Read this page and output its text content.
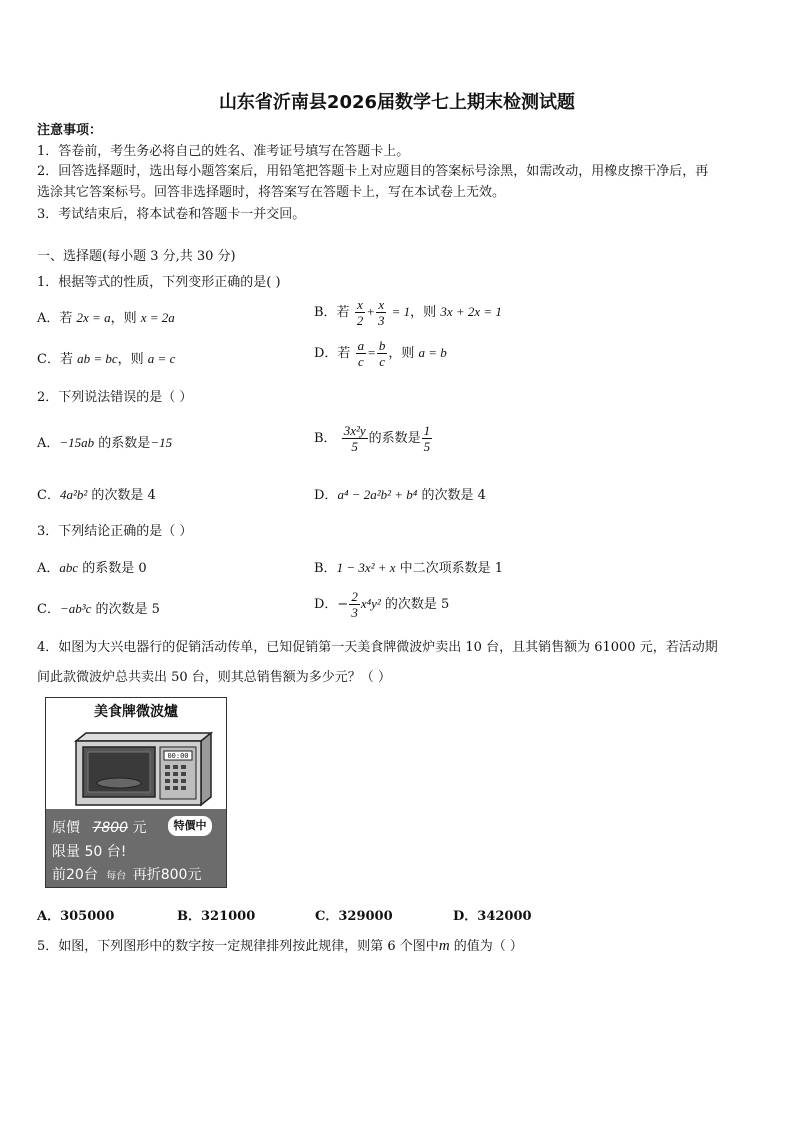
山东省沂南县2026届数学七上期末检测试题
注意事项：
1．答卷前，考生务必将自己的姓名、准考证号填写在答题卡上。
2．回答选择题时，选出每小题答案后，用铅笔把答题卡上对应题目的答案标号涂黑，如需改动，用橡皮擦干净后，再
选涂其它答案标号。回答非选择题时，将答案写在答题卡上，写在本试卷上无效。
3．考试结束后，将本试卷和答题卡一并交回。
一、选择题(每小题 3 分,共 30 分)
1．根据等式的性质，下列变形正确的是( )
A．若 2x = a，则 x = 2a	B．若 $\frac{x}{2} + \frac{x}{3} = 1$，则 3x + 2x = 1
C．若 ab = bc，则 a = c	D．若 $\frac{a}{c} = \frac{b}{c}$ ，则 a = b
2．下列说法错误的是（ ）
A．−15ab 的系数是−15	B． $\frac{\text{3x²y}}{5}$ 的系数是 $\frac{1}{5}$
C．4a²b² 的次数是 4	D．a⁴ − 2a²b² + b⁴ 的次数是 4
3．下列结论正确的是（ ）
A．abc 的系数是 0	B．1 − 3x² + x 中二次项系数是 1
C．−ab³c 的次数是 5	D．− $\frac{2}{3} x^4y^2$ 的次数是 5
4．如图为大兴电器行的促销活动传单，已知促销第一天美食牌微波炉卖出 10 台，且其销售额为 61000 元，若活动期
间此款微波炉总共卖出 50 台，则其总销售额为多少元？（ ）
美食牌微波爐
00:00
原價 7800 元	特價中
限量 50 台!
前20台 每台 再折800元
A．305000	B．321000	C．329000	D．342000
5．如图，下列图形中的数字按一定规律排列按此规律，则第 6 个图中m 的值为（ ）
